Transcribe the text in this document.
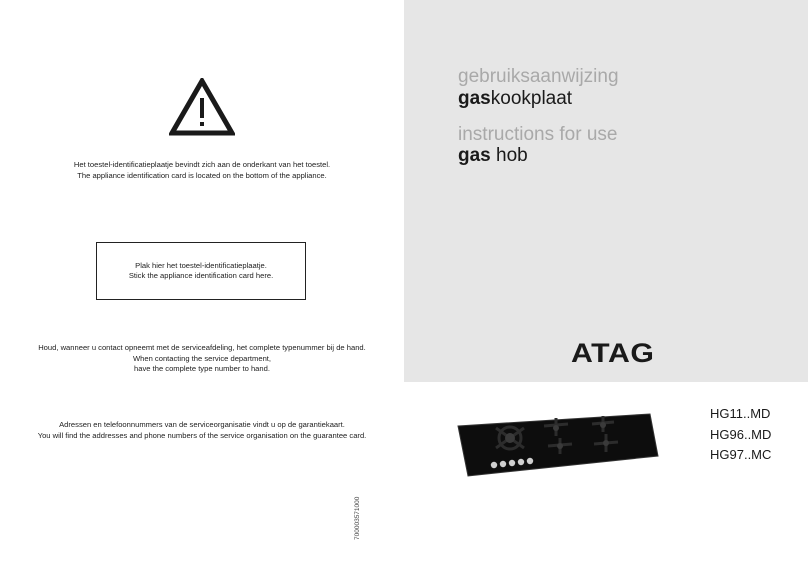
Het toestel-identificatieplaatje bevindt zich aan de onderkant van het toestel.
The appliance identification card is located on the bottom of the appliance.
Plak hier het toestel-identificatieplaatje.
Stick the appliance identification card here.
Houd, wanneer u contact opneemt met de serviceafdeling, het complete typenummer bij de hand.
When contacting the service department,
have the complete type number to hand.
Adressen en telefoonnummers van de serviceorganisatie vindt u op de garantiekaart.
You will find the addresses and phone numbers of the service organisation on the guarantee card.
700003571000
gebruiksaanwijzing
gaskookplaat
instructions for use
gas hob
ATAG
HG11..MD
HG96..MD
HG97..MC
